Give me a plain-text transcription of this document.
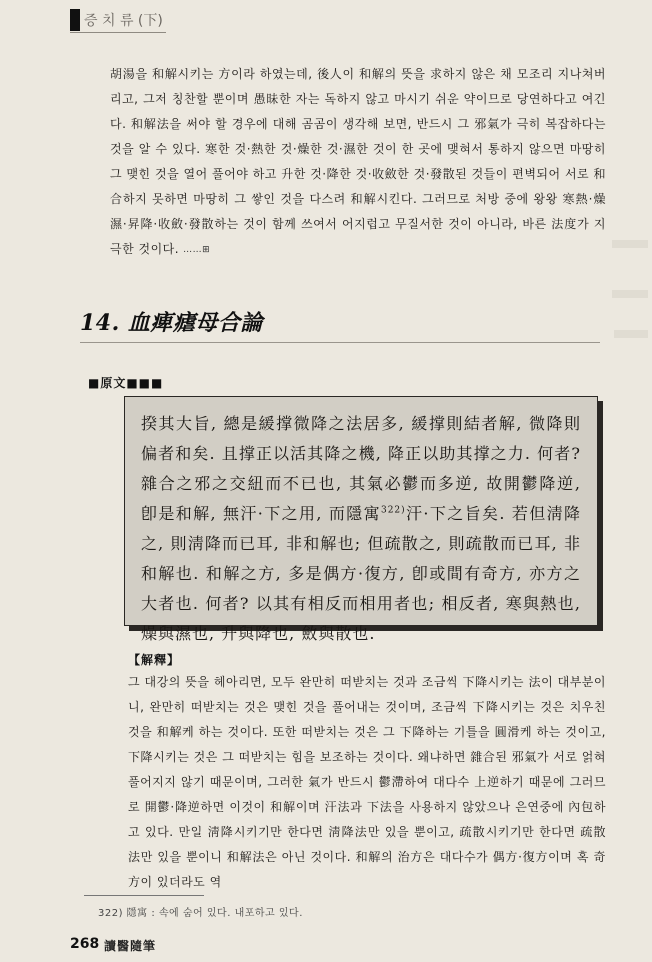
증 치 류 (下)

胡湯을 和解시키는 方이라 하였는데, 後人이 和解의 뜻을 求하지 않은 채 모조리 지나쳐버리고, 그저 칭찬할 뿐이며 愚昧한 자는 독하지 않고 마시기 쉬운 약이므로 당연하다고 여긴다. 和解法을 써야 할 경우에 대해 곰곰이 생각해 보면, 반드시 그 邪氣가 극히 복잡하다는 것을 알 수 있다. 寒한 것·熱한 것·燥한 것·濕한 것이 한 곳에 맺혀서 통하지 않으면 마땅히 그 맺힌 것을 열어 풀어야 하고 升한 것·降한 것·收斂한 것·發散된 것들이 편벽되어 서로 和合하지 못하면 마땅히 그 쌓인 것을 다스려 和解시킨다. 그러므로 처방 중에 왕왕 寒熱·燥濕·昇降·收斂·發散하는 것이 함께 쓰여서 어지럽고 무질서한 것이 아니라, 바른 法度가 지극한 것이다. ……⊞

14. 血痺瘧母合論
■原文■■■

揆其大旨, 總是緩撑微降之法居多, 緩撑則結者解, 微降則偏者和矣. 且撑正以活其降之機, 降正以助其撑之力. 何者? 雜合之邪之交紐而不已也, 其氣必鬱而多逆, 故開鬱降逆, 卽是和解, 無汗·下之用, 而隱寓$^{322)}$汗·下之旨矣. 若但淸降之, 則淸降而已耳, 非和解也; 但疏散之, 則疏散而已耳, 非和解也. 和解之方, 多是偶方·復方, 卽或間有奇方, 亦方之大者也. 何者? 以其有相反而相用者也; 相反者, 寒與熱也, 燥與濕也, 升與降也, 斂與散也.

【解釋】

그 대강의 뜻을 헤아리면, 모두 완만히 떠받치는 것과 조금씩 下降시키는 法이 대부분이니, 완만히 떠받치는 것은 맺힌 것을 풀어내는 것이며, 조금씩 下降시키는 것은 치우친 것을 和解케 하는 것이다. 또한 떠받치는 것은 그 下降하는 기틀을 圓滑케 하는 것이고, 下降시키는 것은 그 떠받치는 힘을 보조하는 것이다. 왜냐하면 雜合된 邪氣가 서로 얽혀 풀어지지 않기 때문이며, 그러한 氣가 반드시 鬱滯하여 대다수 上逆하기 때문에 그러므로 開鬱·降逆하면 이것이 和解이며 汗法과 下法을 사용하지 않았으나 은연중에 內包하고 있다. 만일 淸降시키기만 한다면 淸降法만 있을 뿐이고, 疏散시키기만 한다면 疏散法만 있을 뿐이니 和解法은 아닌 것이다. 和解의 治方은 대다수가 偶方·復方이며 혹 奇方이 있더라도 역

322) 隱寓 : 속에 숨어 있다. 내포하고 있다.
268 讀醫隨筆
